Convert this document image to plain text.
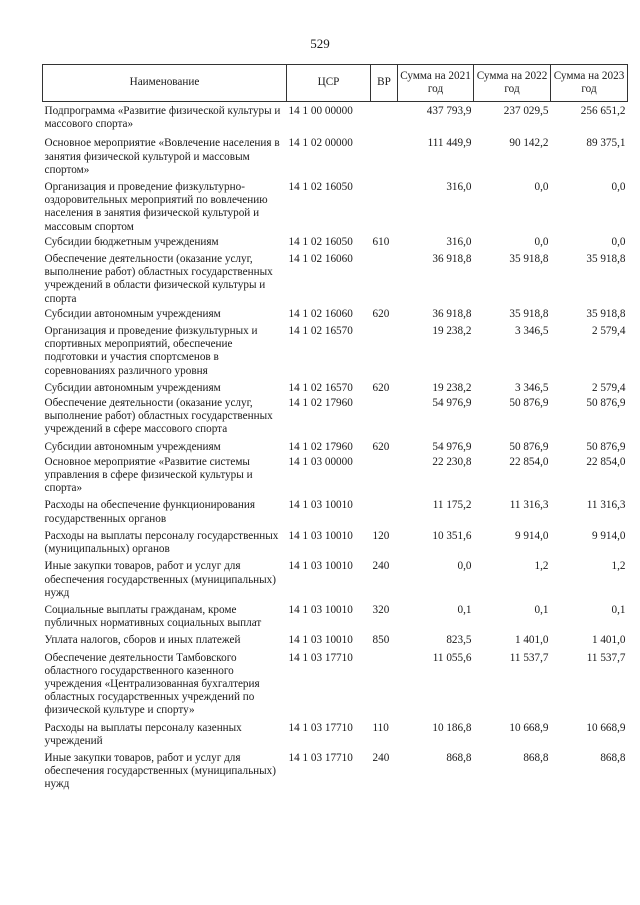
529
Наименование	ЦСР	ВР	Сумма на 2021 год	Сумма на 2022 год	Сумма на 2023 год
Подпрограмма «Развитие физической культуры и массового спорта»	14 1 00 00000		437 793,9	237 029,5	256 651,2
Основное мероприятие «Вовлечение населения в занятия физической культурой и массовым спортом»	14 1 02 00000		111 449,9	90 142,2	89 375,1
Организация и проведение физкультурно-оздоровительных мероприятий по вовлечению населения в занятия физической культурой и массовым спортом	14 1 02 16050		316,0	0,0	0,0
Субсидии бюджетным учреждениям	14 1 02 16050	610	316,0	0,0	0,0
Обеспечение деятельности (оказание услуг, выполнение работ) областных государственных учреждений в области физической культуры и спорта	14 1 02 16060		36 918,8	35 918,8	35 918,8
Субсидии автономным учреждениям	14 1 02 16060	620	36 918,8	35 918,8	35 918,8
Организация и проведение физкультурных и спортивных мероприятий, обеспечение подготовки и участия спортсменов в соревнованиях различного уровня	14 1 02 16570		19 238,2	3 346,5	2 579,4
Субсидии автономным учреждениям	14 1 02 16570	620	19 238,2	3 346,5	2 579,4
Обеспечение деятельности (оказание услуг, выполнение работ) областных государственных учреждений в сфере массового спорта	14 1 02 17960		54 976,9	50 876,9	50 876,9
Субсидии автономным учреждениям	14 1 02 17960	620	54 976,9	50 876,9	50 876,9
Основное мероприятие «Развитие системы управления в сфере физической культуры и спорта»	14 1 03 00000		22 230,8	22 854,0	22 854,0
Расходы на обеспечение функционирования государственных органов	14 1 03 10010		11 175,2	11 316,3	11 316,3
Расходы на выплаты персоналу государственных (муниципальных) органов	14 1 03 10010	120	10 351,6	9 914,0	9 914,0
Иные закупки товаров, работ и услуг для обеспечения государственных (муниципальных) нужд	14 1 03 10010	240	0,0	1,2	1,2
Социальные выплаты гражданам, кроме публичных нормативных социальных выплат	14 1 03 10010	320	0,1	0,1	0,1
Уплата налогов, сборов и иных платежей	14 1 03 10010	850	823,5	1 401,0	1 401,0
Обеспечение деятельности Тамбовского областного государственного казенного учреждения «Централизованная бухгалтерия областных государственных учреждений по физической культуре и спорту»	14 1 03 17710		11 055,6	11 537,7	11 537,7
Расходы на выплаты персоналу казенных учреждений	14 1 03 17710	110	10 186,8	10 668,9	10 668,9
Иные закупки товаров, работ и услуг для обеспечения государственных (муниципальных) нужд	14 1 03 17710	240	868,8	868,8	868,8
